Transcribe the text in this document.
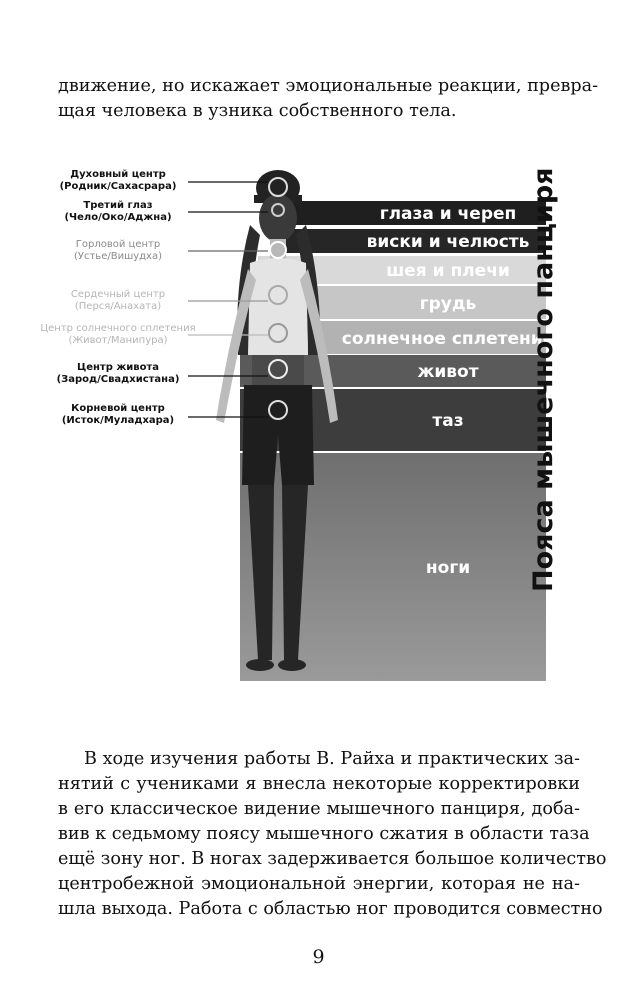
движение, но искажает эмоциональные реакции, превра-
щая человека в узника собственного тела.
глаза и череп
виски и челюсть
шея и плечи
грудь
солнечное сплетение
живот
таз
ноги
Духовный центр
(Родник/Сахасрара)
Третий глаз
(Чело/Око/Аджна)
Горловой центр
(Устье/Вишудха)
Сердечный центр
(Перся/Анахата)
Центр солнечного сплетения
(Живот/Манипура)
Центр живота
(Зарод/Свадхистана)
Корневой центр
(Исток/Муладхара)	Пояса мышечного панциря
В ходе изучения работы В. Райха и практических за-
нятий с учениками я внесла некоторые корректировки
в его классическое видение мышечного панциря, доба-
вив к седьмому поясу мышечного сжатия в области таза
ещё зону ног. В ногах задерживается большое количество
центробежной эмоциональной энергии, которая не на-
шла выхода. Работа с областью ног проводится совместно
9
